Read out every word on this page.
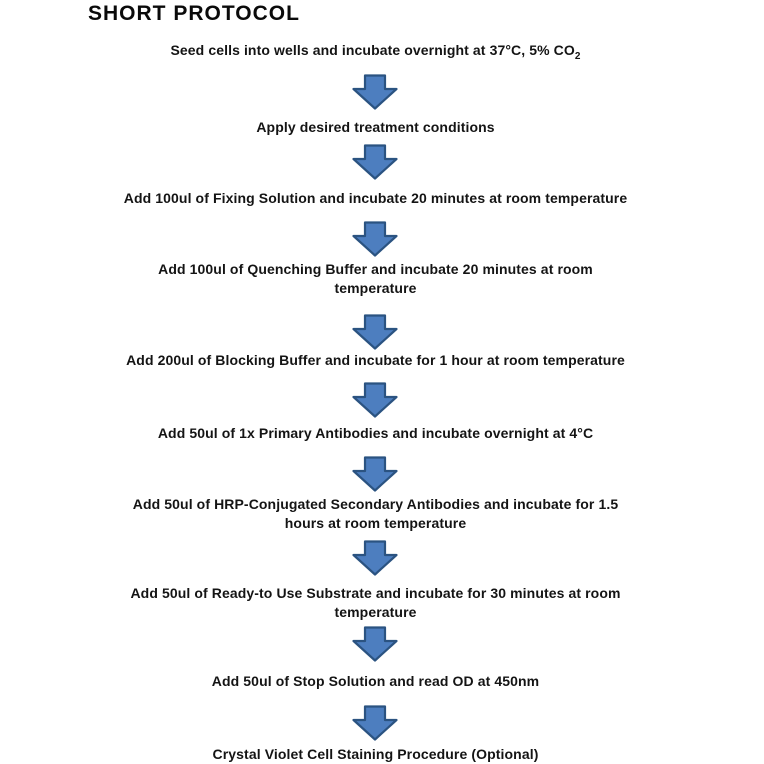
SHORT PROTOCOL
Seed cells into wells and incubate overnight at 37°C, 5% $CO_2$
Apply desired treatment conditions
Add 100ul of Fixing Solution and incubate 20 minutes at room temperature
Add 100ul of Quenching Buffer and incubate 20 minutes at room
temperature
Add 200ul of Blocking Buffer and incubate for 1 hour at room temperature
Add 50ul of 1x Primary Antibodies and incubate overnight at 4°C
Add 50ul of HRP-Conjugated Secondary Antibodies and incubate for 1.5
hours at room temperature
Add 50ul of Ready-to Use Substrate and incubate for 30 minutes at room
temperature
Add 50ul of Stop Solution and read OD at 450nm
Crystal Violet Cell Staining Procedure (Optional)
